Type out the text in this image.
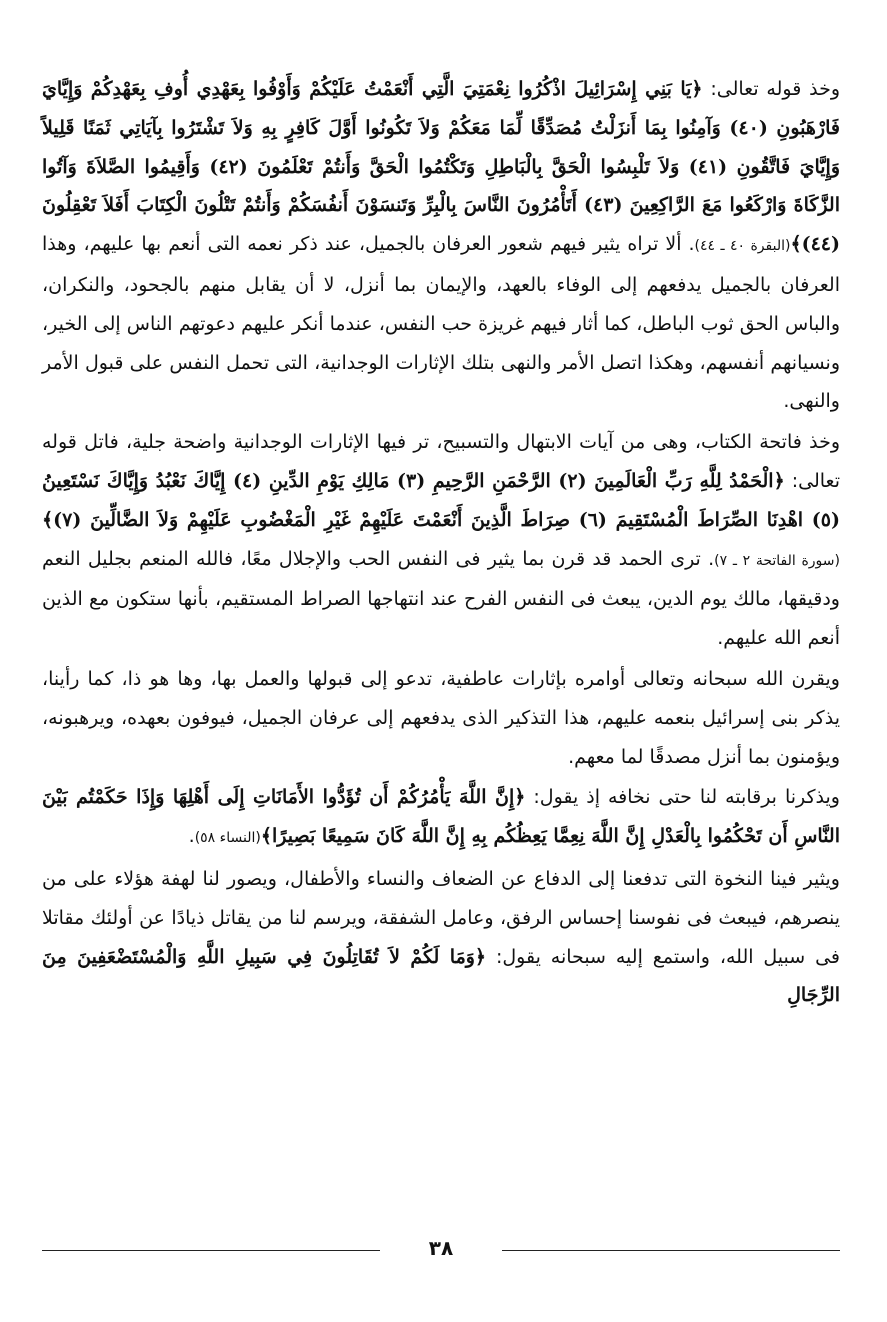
وخذ قوله تعالى: ﴿يَا بَنِي إِسْرَائِيلَ اذْكُرُوا نِعْمَتِيَ الَّتِي أَنْعَمْتُ عَلَيْكُمْ وَأَوْفُوا بِعَهْدِي أُوفِ بِعَهْدِكُمْ وَإِيَّايَ فَارْهَبُونِ (٤٠) وَآمِنُوا بِمَا أَنزَلْتُ مُصَدِّقًا لِّمَا مَعَكُمْ وَلاَ تَكُونُوا أَوَّلَ كَافِرٍ بِهِ وَلاَ تَشْتَرُوا بِآيَاتِي ثَمَنًا قَلِيلاً وَإِيَّايَ فَاتَّقُونِ (٤١) وَلاَ تَلْبِسُوا الْحَقَّ بِالْبَاطِلِ وَتَكْتُمُوا الْحَقَّ وَأَنتُمْ تَعْلَمُونَ (٤٢) وَأَقِيمُوا الصَّلاَةَ وَآتُوا الزَّكَاةَ وَارْكَعُوا مَعَ الرَّاكِعِينَ (٤٣) أَتَأْمُرُونَ النَّاسَ بِالْبِرِّ وَتَنسَوْنَ أَنفُسَكُمْ وَأَنتُمْ تَتْلُونَ الْكِتَابَ أَفَلاَ تَعْقِلُونَ (٤٤)﴾(البقرة ٤٠ ـ ٤٤). ألا تراه يثير فيهم شعور العرفان بالجميل، عند ذكر نعمه التى أنعم بها عليهم، وهذا العرفان بالجميل يدفعهم إلى الوفاء بالعهد، والإيمان بما أنزل، لا أن يقابل منهم بالجحود، والنكران، والباس الحق ثوب الباطل، كما أثار فيهم غريزة حب النفس، عندما أنكر عليهم دعوتهم الناس إلى الخير، ونسيانهم أنفسهم، وهكذا اتصل الأمر والنهى بتلك الإثارات الوجدانية، التى تحمل النفس على قبول الأمر والنهى.

وخذ فاتحة الكتاب، وهى من آيات الابتهال والتسبيح، تر فيها الإثارات الوجدانية واضحة جلية، فاتل قوله تعالى: ﴿الْحَمْدُ لِلَّهِ رَبِّ الْعَالَمِينَ (٢) الرَّحْمَنِ الرَّحِيمِ (٣) مَالِكِ يَوْمِ الدِّينِ (٤) إِيَّاكَ نَعْبُدُ وَإِيَّاكَ نَسْتَعِينُ (٥) اهْدِنَا الصِّرَاطَ الْمُسْتَقِيمَ (٦) صِرَاطَ الَّذِينَ أَنْعَمْتَ عَلَيْهِمْ غَيْرِ الْمَغْضُوبِ عَلَيْهِمْ وَلاَ الضَّالِّينَ (٧)﴾(سورة الفاتحة ٢ ـ ٧). ترى الحمد قد قرن بما يثير فى النفس الحب والإجلال معًا، فالله المنعم بجليل النعم ودقيقها، مالك يوم الدين، يبعث فى النفس الفرح عند انتهاجها الصراط المستقيم، بأنها ستكون مع الذين أنعم الله عليهم.

ويقرن الله سبحانه وتعالى أوامره بإثارات عاطفية، تدعو إلى قبولها والعمل بها، وها هو ذا، كما رأينا، يذكر بنى إسرائيل بنعمه عليهم، هذا التذكير الذى يدفعهم إلى عرفان الجميل، فيوفون بعهده، ويرهبونه، ويؤمنون بما أنزل مصدقًا لما معهم.

ويذكرنا برقابته لنا حتى نخافه إذ يقول: ﴿إِنَّ اللَّهَ يَأْمُرُكُمْ أَن تُؤَدُّوا الأَمَانَاتِ إِلَى أَهْلِهَا وَإِذَا حَكَمْتُم بَيْنَ النَّاسِ أَن تَحْكُمُوا بِالْعَدْلِ إِنَّ اللَّهَ نِعِمَّا يَعِظُكُم بِهِ إِنَّ اللَّهَ كَانَ سَمِيعًا بَصِيرًا﴾(النساء ٥٨).

ويثير فينا النخوة التى تدفعنا إلى الدفاع عن الضعاف والنساء والأطفال، ويصور لنا لهفة هؤلاء على من ينصرهم، فيبعث فى نفوسنا إحساس الرفق، وعامل الشفقة، ويرسم لنا من يقاتل ذيادًا عن أولئك مقاتلا فى سبيل الله، واستمع إليه سبحانه يقول: ﴿وَمَا لَكُمْ لاَ تُقَاتِلُونَ فِي سَبِيلِ اللَّهِ وَالْمُسْتَضْعَفِينَ مِنَ الرِّجَالِ

٣٨
